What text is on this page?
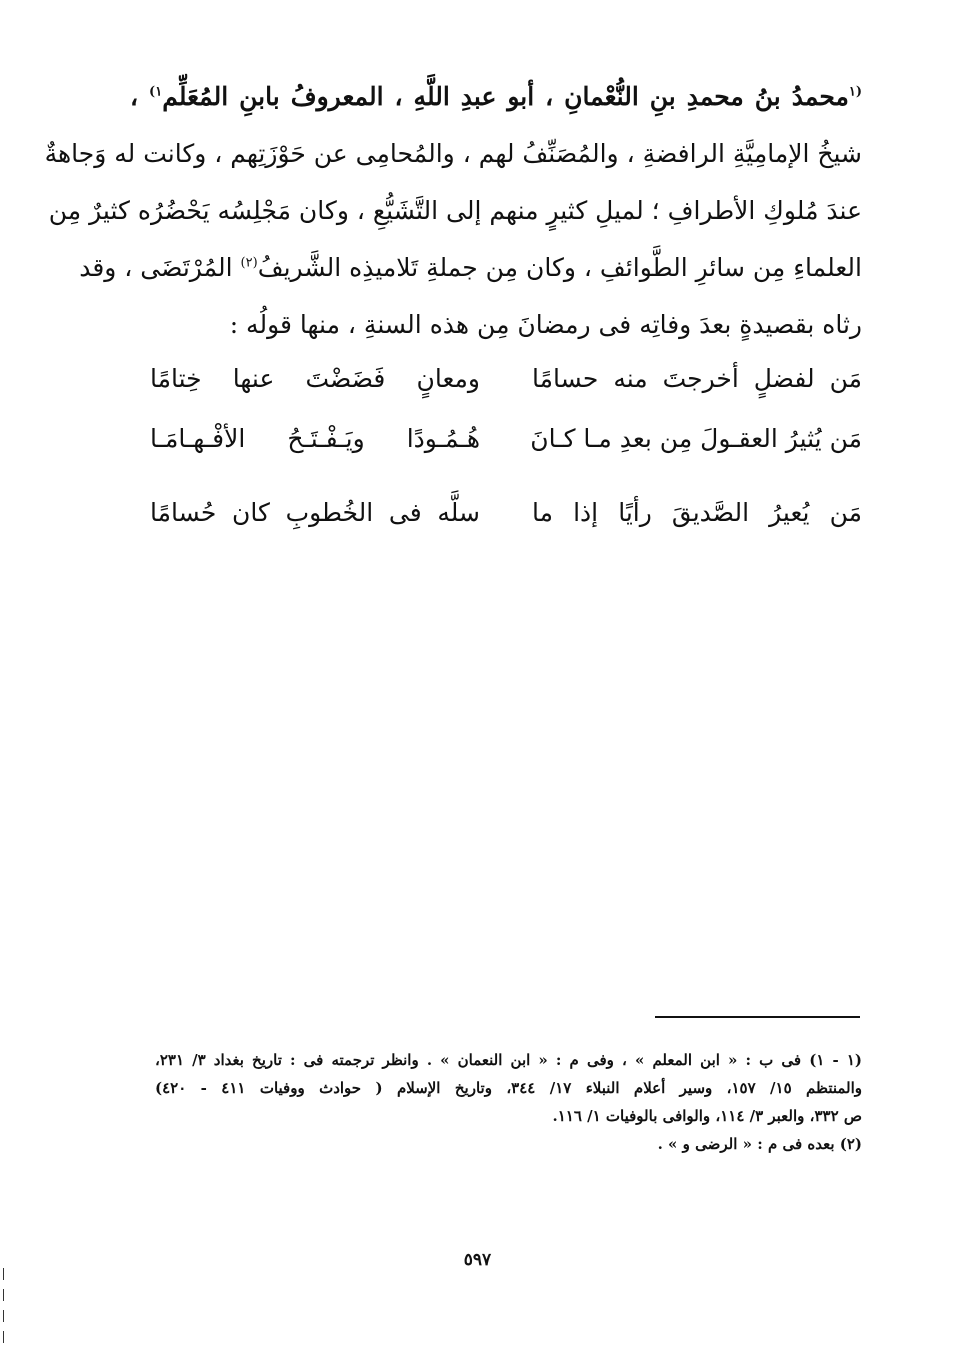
$^{(١}$محمدُ بنُ محمدِ بنِ النُّعْمانِ ، أبو عبدِ اللَّهِ ، المعروفُ بابنِ المُعَلِّم$^{١)}$ ،
شيخُ الإمامِيَّةِ الرافضةِ ، والمُصَنِّفُ لهم ، والمُحامِى عن حَوْزَتِهم ، وكانت له وَجاهةٌ
عندَ مُلوكِ الأطرافِ ؛ لميلِ كثيرٍ منهم إلى التَّشَيُّعِ ، وكان مَجْلِسُه يَحْضُرُه كثيرٌ مِن
العلماءِ مِن سائرِ الطَّوائفِ ، وكان مِن جملةِ تَلاميذِه الشَّريفُ$^{(٢)}$ المُرْتَضَى ، وقد
رثاه بقصيدةٍ بعدَ وفاتِه فى رمضانَ مِن هذه السنةِ ، منها قولُه :
مَن لفضلٍ أخرجتَ منه حسامًا
ومعانٍ فَضَضْتَ عنها خِتامًا
مَن يُثيرُ العقـولَ مِن بعدِ مـا كـانَ
هُـمُـودًا ويَـفْـتَـحُ الأفْـهـامَـا
مَن يُعيرُ الصَّديقَ رأيًا إذا ما
سلَّه فى الخُطوبِ كان حُسامًا
(١ - ١) فى ب : « ابن المعلم » ، وفى م : « ابن النعمان » . وانظر ترجمته فى : تاريخ بغداد ٣/ ٢٣١،
والمنتظم ١٥/ ١٥٧، وسير أعلام النبلاء ١٧/ ٣٤٤، وتاريخ الإسلام ( حوادث ووفيات ٤١١ - ٤٢٠)
ص ٣٣٢، والعبر ٣/ ١١٤، والوافى بالوفيات ١/ ١١٦.
(٢) بعده فى م : « الرضى و » .
٥٩٧
